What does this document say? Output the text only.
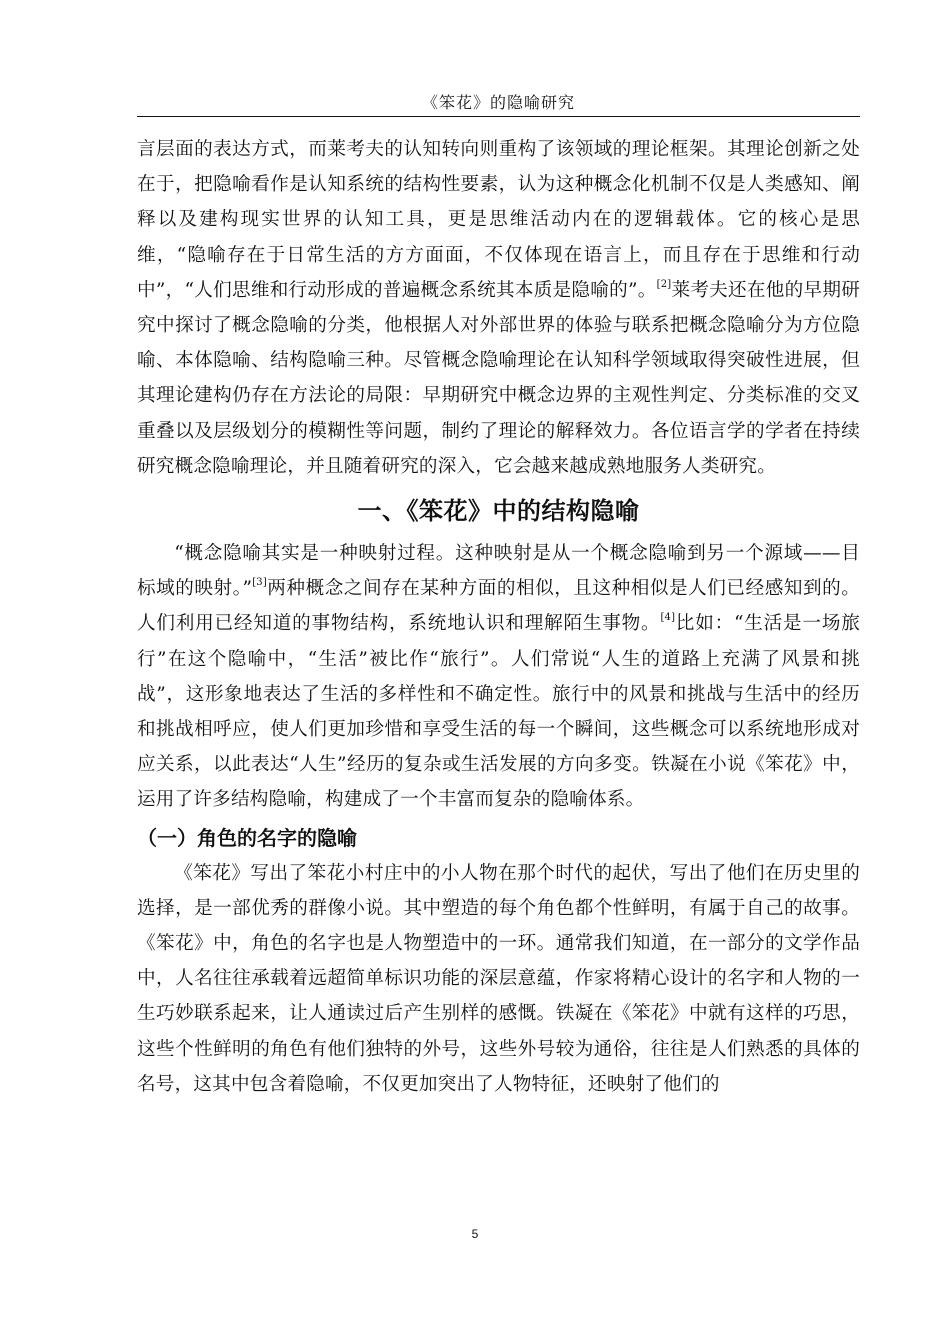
《笨花》的隐喻研究

言层面的表达方式，而莱考夫的认知转向则重构了该领域的理论框架。其理论创新之处在于，把隐喻看作是认知系统的结构性要素，认为这种概念化机制不仅是人类感知、阐释以及建构现实世界的认知工具，更是思维活动内在的逻辑载体。它的核心是思维，“隐喻存在于日常生活的方方面面，不仅体现在语言上，而且存在于思维和行动中”，“人们思维和行动形成的普遍概念系统其本质是隐喻的”。[2]莱考夫还在他的早期研究中探讨了概念隐喻的分类，他根据人对外部世界的体验与联系把概念隐喻分为方位隐喻、本体隐喻、结构隐喻三种。尽管概念隐喻理论在认知科学领域取得突破性进展，但其理论建构仍存在方法论的局限：早期研究中概念边界的主观性判定、分类标准的交叉重叠以及层级划分的模糊性等问题，制约了理论的解释效力。各位语言学的学者在持续研究概念隐喻理论，并且随着研究的深入，它会越来越成熟地服务人类研究。

一、《笨花》中的结构隐喻

“概念隐喻其实是一种映射过程。这种映射是从一个概念隐喻到另一个源域——目标域的映射。”[3]两种概念之间存在某种方面的相似，且这种相似是人们已经感知到的。人们利用已经知道的事物结构，系统地认识和理解陌生事物。[4]比如：“生活是一场旅行”在这个隐喻中，“生活”被比作“旅行”。人们常说“人生的道路上充满了风景和挑战”，这形象地表达了生活的多样性和不确定性。旅行中的风景和挑战与生活中的经历和挑战相呼应，使人们更加珍惜和享受生活的每一个瞬间，这些概念可以系统地形成对应关系，以此表达“人生”经历的复杂或生活发展的方向多变。铁凝在小说《笨花》中，运用了许多结构隐喻，构建成了一个丰富而复杂的隐喻体系。

（一）角色的名字的隐喻

《笨花》写出了笨花小村庄中的小人物在那个时代的起伏，写出了他们在历史里的选择，是一部优秀的群像小说。其中塑造的每个角色都个性鲜明，有属于自己的故事。《笨花》中，角色的名字也是人物塑造中的一环。通常我们知道，在一部分的文学作品中，人名往往承载着远超简单标识功能的深层意蕴，作家将精心设计的名字和人物的一生巧妙联系起来，让人通读过后产生别样的感慨。铁凝在《笨花》中就有这样的巧思，这些个性鲜明的角色有他们独特的外号，这些外号较为通俗，往往是人们熟悉的具体的名号，这其中包含着隐喻，不仅更加突出了人物特征，还映射了他们的

5
